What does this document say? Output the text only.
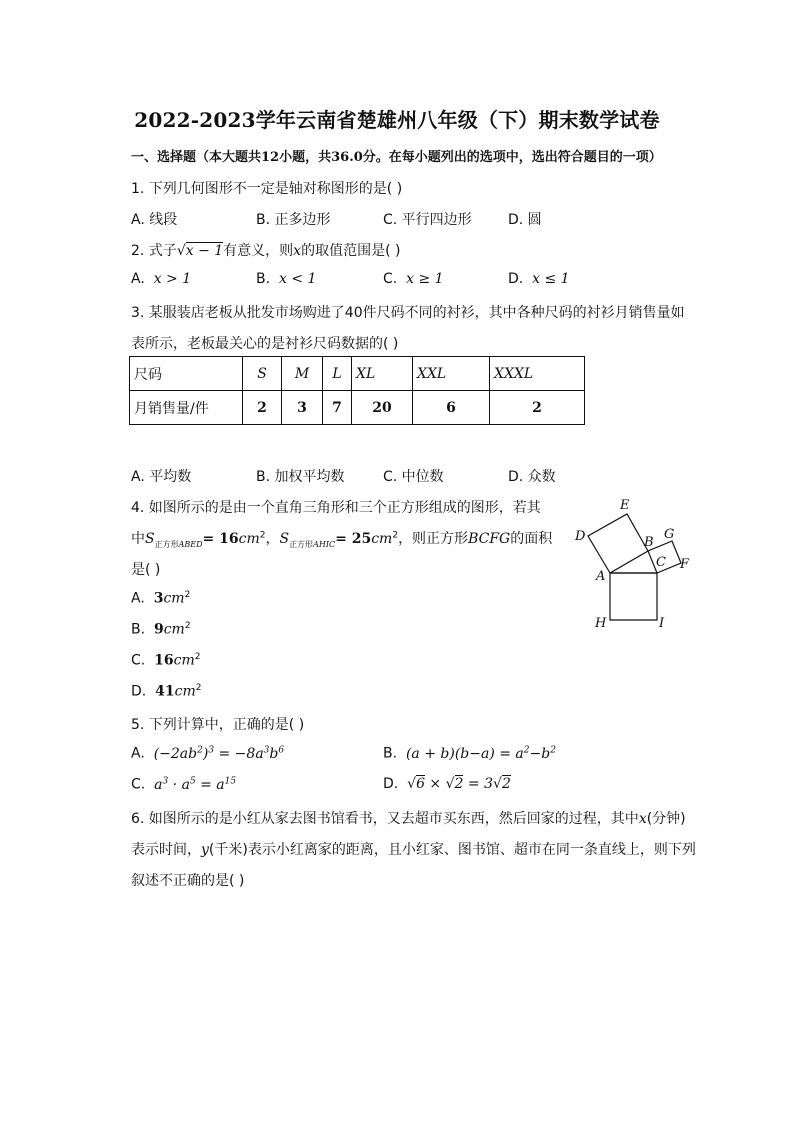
2022-2023学年云南省楚雄州八年级（下）期末数学试卷
一、选择题（本大题共12小题，共36.0分。在每小题列出的选项中，选出符合题目的一项）
1. 下列几何图形不一定是轴对称图形的是( )
A. 线段	B. 正多边形	C. 平行四边形	D. 圆
2. 式子√x − 1有意义，则x的取值范围是( )
A. x > 1	B. x < 1	C. x ≥ 1	D. x ≤ 1
3. 某服装店老板从批发市场购进了40件尺码不同的衬衫，其中各种尺码的衬衫月销售量如
表所示，老板最关心的是衬衫尺码数据的( )
尺码	S	M	L	XL	XXL	XXXL
月销售量/件	2	3	7	20	6	2
A. 平均数	B. 加权平均数	C. 中位数	D. 众数
4. 如图所示的是由一个直角三角形和三个正方形组成的图形，若其
中$S_{正方形ABED}= 16cm^2$，$S_{正方形AHIC}= 25cm^2$，则正方形BCFG的面积
是( )
A. $3cm^2$
B. $9cm^2$
C. $16cm^2$
D. $41cm^2$
E
D	B
G
C F
A
H	I
5. 下列计算中，正确的是( )
A. $(-2ab^2)^3 = -8a^3b^6$	B. $(a + b)(b-a) = a^2-b^2$
C. $a^3 \cdot a^5 = a^{15}$	D. √6 × √2 = 3√2
6. 如图所示的是小红从家去图书馆看书，又去超市买东西，然后回家的过程，其中x(分钟)
表示时间，y(千米)表示小红离家的距离，且小红家、图书馆、超市在同一条直线上，则下列
叙述不正确的是( )
